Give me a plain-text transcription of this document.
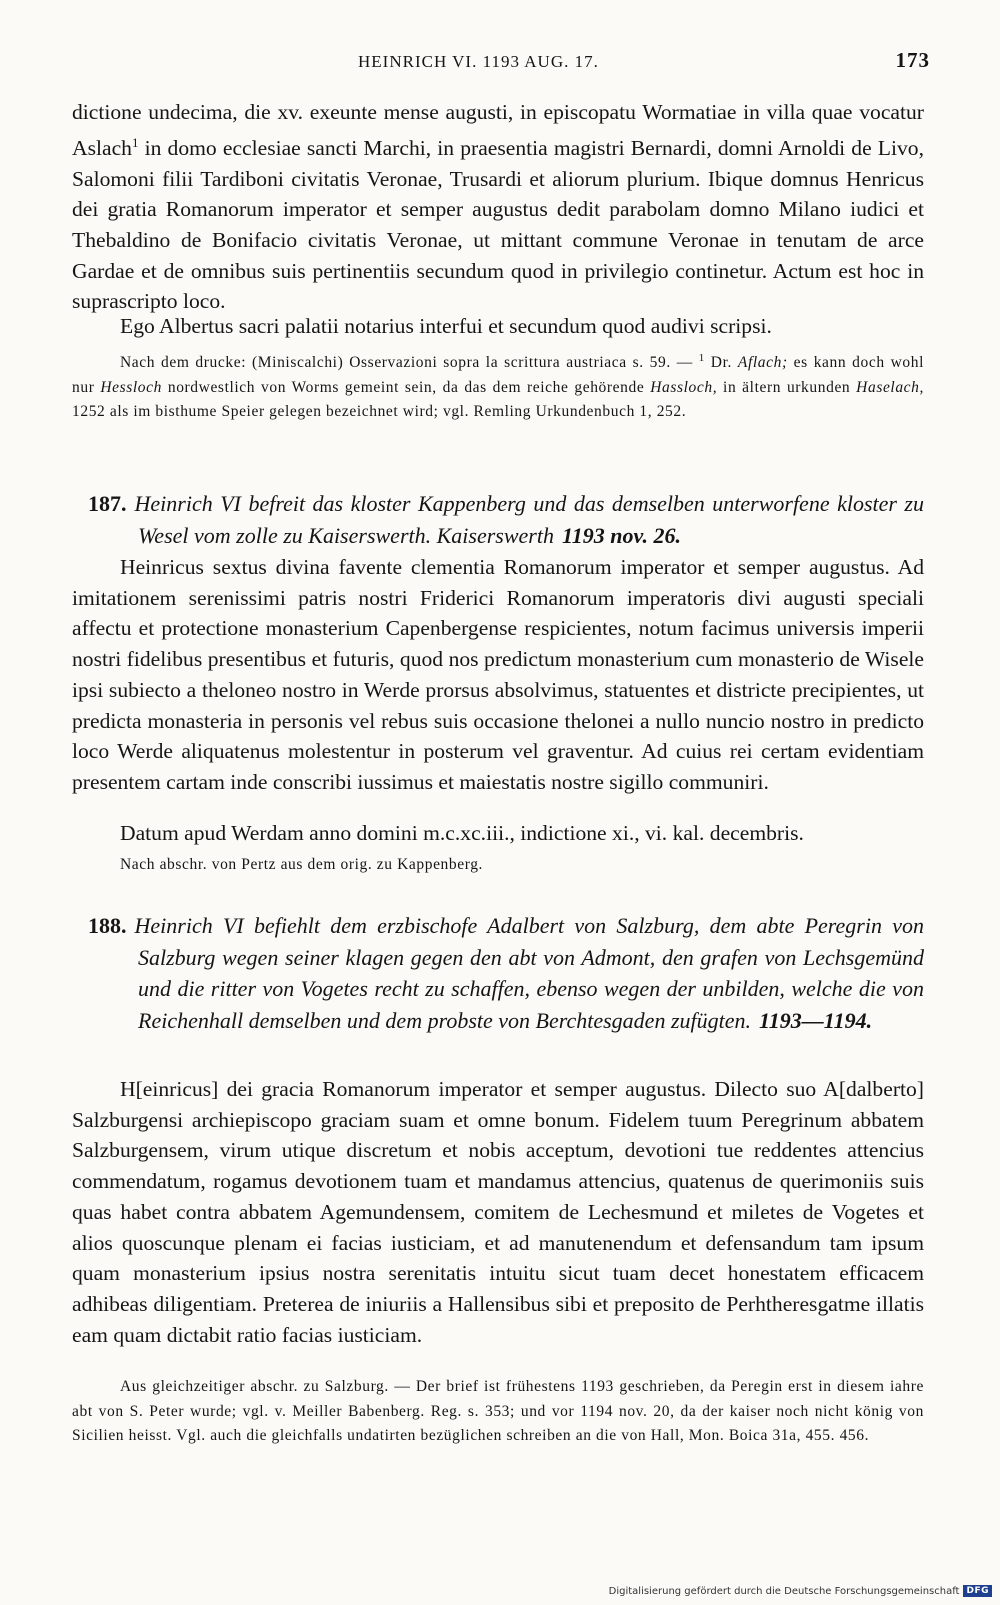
HEINRICH VI. 1193 AUG. 17.	173

dictione undecima, die xv. exeunte mense augusti, in episcopatu Wormatiae in villa quae vocatur Aslach$^1$ in domo ecclesiae sancti Marchi, in praesentia magistri Bernardi, domni Arnoldi de Livo, Salomoni filii Tardiboni civitatis Veronae, Trusardi et aliorum plurium. Ibique domnus Henricus dei gratia Romanorum imperator et semper augustus dedit parabolam domno Milano iudici et Thebaldino de Bonifacio civitatis Veronae, ut mittant commune Veronae in tenutam de arce Gardae et de omnibus suis pertinentiis secundum quod in privilegio continetur. Actum est hoc in suprascripto loco.

Ego Albertus sacri palatii notarius interfui et secundum quod audivi scripsi.

Nach dem drucke: (Miniscalchi) Osservazioni sopra la scrittura austriaca s. 59. — $^1$ Dr. Aflach; es kann doch wohl nur Hessloch nordwestlich von Worms gemeint sein, da das dem reiche gehörende Hassloch, in ältern urkunden Haselach, 1252 als im bisthume Speier gelegen bezeichnet wird; vgl. Remling Urkundenbuch 1, 252.

187. Heinrich VI befreit das kloster Kappenberg und das demselben unterworfene kloster zu Wesel vom zolle zu Kaiserswerth. Kaiserswerth 1193 nov. 26.

Heinricus sextus divina favente clementia Romanorum imperator et semper augustus. Ad imitationem serenissimi patris nostri Friderici Romanorum imperatoris divi augusti speciali affectu et protectione monasterium Capenbergense respicientes, notum facimus universis imperii nostri fidelibus presentibus et futuris, quod nos predictum monasterium cum monasterio de Wisele ipsi subiecto a theloneo nostro in Werde prorsus absolvimus, statuentes et districte precipientes, ut predicta monasteria in personis vel rebus suis occasione thelonei a nullo nuncio nostro in predicto loco Werde aliquatenus molestentur in posterum vel graventur. Ad cuius rei certam evidentiam presentem cartam inde conscribi iussimus et maiestatis nostre sigillo communiri.

Datum apud Werdam anno domini m.c.xc.iii., indictione xi., vi. kal. decembris.

Nach abschr. von Pertz aus dem orig. zu Kappenberg.

188. Heinrich VI befiehlt dem erzbischofe Adalbert von Salzburg, dem abte Peregrin von Salzburg wegen seiner klagen gegen den abt von Admont, den grafen von Lechsgemünd und die ritter von Vogetes recht zu schaffen, ebenso wegen der unbilden, welche die von Reichenhall demselben und dem probste von Berchtesgaden zufügten. 1193—1194.

H[einricus] dei gracia Romanorum imperator et semper augustus. Dilecto suo A[dalberto] Salzburgensi archiepiscopo graciam suam et omne bonum. Fidelem tuum Peregrinum abbatem Salzburgensem, virum utique discretum et nobis acceptum, devotioni tue reddentes attencius commendatum, rogamus devotionem tuam et mandamus attencius, quatenus de querimoniis suis quas habet contra abbatem Agemundensem, comitem de Lechesmund et miletes de Vogetes et alios quoscunque plenam ei facias iusticiam, et ad manutenendum et defensandum tam ipsum quam monasterium ipsius nostra serenitatis intuitu sicut tuam decet honestatem efficacem adhibeas diligentiam. Preterea de iniuriis a Hallensibus sibi et preposito de Perhtheresgatme illatis eam quam dictabit ratio facias iusticiam.

Aus gleichzeitiger abschr. zu Salzburg. — Der brief ist frühestens 1193 geschrieben, da Peregin erst in diesem iahre abt von S. Peter wurde; vgl. v. Meiller Babenberg. Reg. s. 353; und vor 1194 nov. 20, da der kaiser noch nicht könig von Sicilien heisst. Vgl. auch die gleichfalls undatirten bezüglichen schreiben an die von Hall, Mon. Boica 31a, 455. 456.

Digitalisierung gefördert durch die Deutsche Forschungsgemeinschaft DFG
